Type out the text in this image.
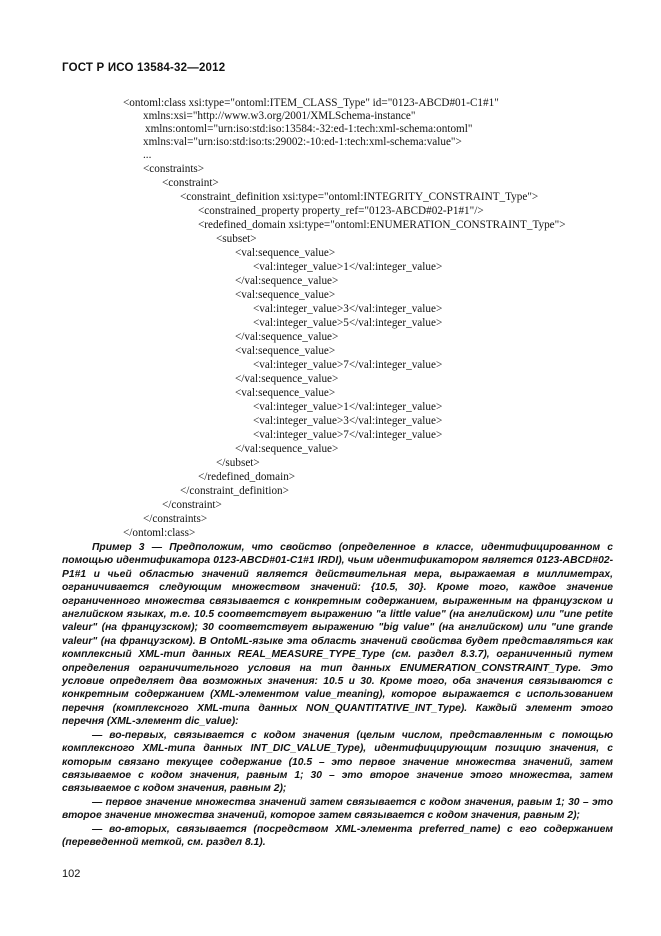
ГОСТ Р ИСО 13584-32—2012
<ontoml:class xsi:type="ontoml:ITEM_CLASS_Type" id="0123-ABCD#01-C1#1"
xmlns:xsi="http://www.w3.org/2001/XMLSchema-instance"
xmlns:ontoml="urn:iso:std:iso:13584:-32:ed-1:tech:xml-schema:ontoml"
xmlns:val="urn:iso:std:iso:ts:29002:-10:ed-1:tech:xml-schema:value">
...
<constraints>
<constraint>
<constraint_definition xsi:type="ontoml:INTEGRITY_CONSTRAINT_Type">
<constrained_property property_ref="0123-ABCD#02-P1#1"/>
<redefined_domain xsi:type="ontoml:ENUMERATION_CONSTRAINT_Type">
<subset>
<val:sequence_value>
<val:integer_value>1</val:integer_value>
</val:sequence_value>
<val:sequence_value>
<val:integer_value>3</val:integer_value>
<val:integer_value>5</val:integer_value>
</val:sequence_value>
<val:sequence_value>
<val:integer_value>7</val:integer_value>
</val:sequence_value>
<val:sequence_value>
<val:integer_value>1</val:integer_value>
<val:integer_value>3</val:integer_value>
<val:integer_value>7</val:integer_value>
</val:sequence_value>
</subset>
</redefined_domain>
</constraint_definition>
</constraint>
</constraints>
</ontoml:class>

Пример 3 — Предположим, что свойство (определенное в классе, идентифицированном с помощью идентификатора 0123-ABCD#01-C1#1 IRDI), чьим идентификатором является 0123-ABCD#02-P1#1 и чьей областью значений является действительная мера, выражаемая в миллиметрах, ограничивается следующим множеством значений: {10.5, 30}. Кроме того, каждое значение ограниченного множества связывается с конкретным содержанием, выраженным на французском и английском языках, т.е. 10.5 соответствует выражению "a little value" (на английском) или "une petite valeur" (на французском); 30 соответствует выражению "big value" (на английском) или "une grande valeur" (на французском). В OntoML-языке эта область значений свойства будет представляться как комплексный XML-тип данных REAL_MEASURE_TYPE_Type (см. раздел 8.3.7), ограниченный путем определения ограничительного условия на тип данных ENUMERATION_CONSTRAINT_Type. Это условие определяет два возможных значения: 10.5 и 30. Кроме того, оба значения связываются с конкретным содержанием (XML-элементом value_meaning), которое выражается с использованием перечня (комплексного XML-типа данных NON_QUANTITATIVE_INT_Type). Каждый элемент этого перечня (XML-элемент dic_value):

— во-первых, связывается с кодом значения (целым числом, представленным с помощью комплексного XML-типа данных INT_DIC_VALUE_Type), идентифицирующим позицию значения, с которым связано текущее содержание (10.5 – это первое значение множества значений, затем связываемое с кодом значения, равным 1; 30 – это второе значение этого множества, затем связываемое с кодом значения, равным 2);

— первое значение множества значений затем связывается с кодом значения, равым 1; 30 – это второе значение множества значений, которое затем связывается с кодом значения, равным 2);

— во-вторых, связывается (посредством XML-элемента preferred_name) с его содержанием (переведенной меткой, см. раздел 8.1).

102
